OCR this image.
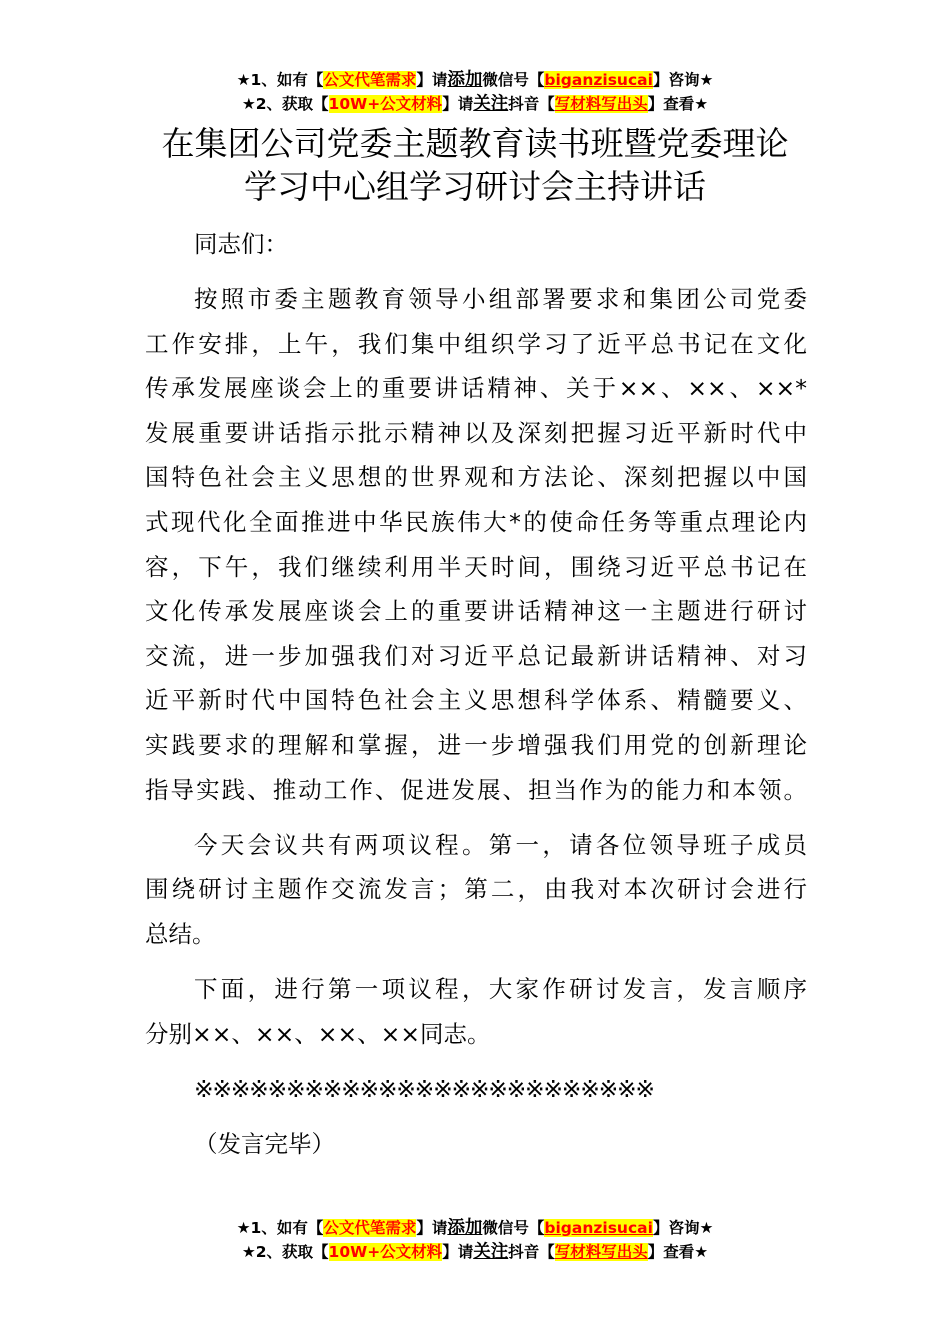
★1、如有【公文代笔需求】请添加微信号【biganzisucai】咨询★
★2、获取【10W+公文材料】请关注抖音【写材料写出头】查看★
在集团公司党委主题教育读书班暨党委理论
学习中心组学习研讨会主持讲话

同志们：

按照市委主题教育领导小组部署要求和集团公司党委
工作安排，上午，我们集中组织学习了近平总书记在文化
传承发展座谈会上的重要讲话精神、关于××、××、××*
发展重要讲话指示批示精神以及深刻把握习近平新时代中
国特色社会主义思想的世界观和方法论、深刻把握以中国
式现代化全面推进中华民族伟大*的使命任务等重点理论内
容，下午，我们继续利用半天时间，围绕习近平总书记在
文化传承发展座谈会上的重要讲话精神这一主题进行研讨
交流，进一步加强我们对习近平总记最新讲话精神、对习
近平新时代中国特色社会主义思想科学体系、精髓要义、
实践要求的理解和掌握，进一步增强我们用党的创新理论
指导实践、推动工作、促进发展、担当作为的能力和本领。

今天会议共有两项议程。第一，请各位领导班子成员
围绕研讨主题作交流发言；第二，由我对本次研讨会进行
总结。

下面，进行第一项议程，大家作研讨发言，发言顺序
分别××、××、××、××同志。

※※※※※※※※※※※※※※※※※※※※※※※※※

（发言完毕）

★1、如有【公文代笔需求】请添加微信号【biganzisucai】咨询★
★2、获取【10W+公文材料】请关注抖音【写材料写出头】查看★
